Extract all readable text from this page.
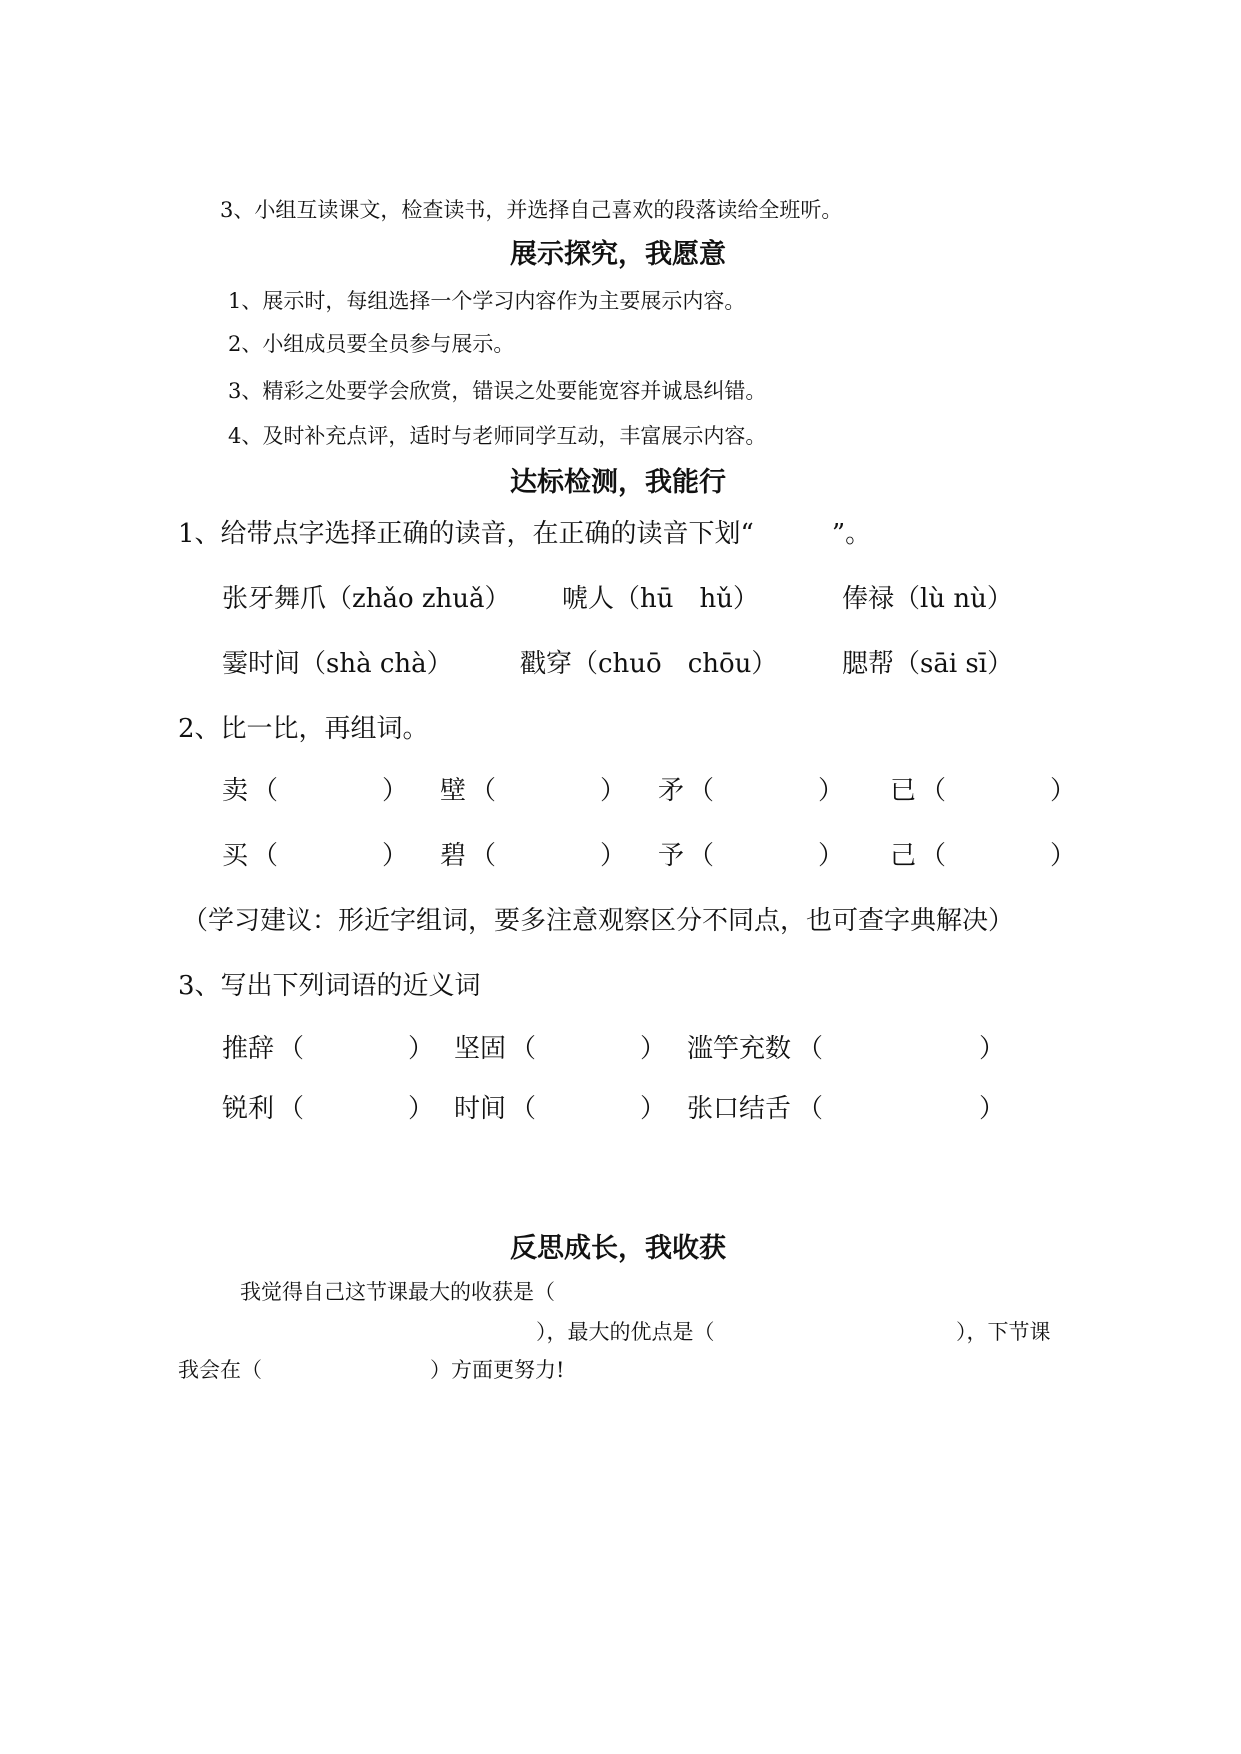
3、小组互读课文，检查读书，并选择自己喜欢的段落读给全班听。
展示探究，我愿意
1、展示时，每组选择一个学习内容作为主要展示内容。
2、小组成员要全员参与展示。
3、精彩之处要学会欣赏，错误之处要能宽容并诚恳纠错。
4、及时补充点评，适时与老师同学互动，丰富展示内容。
达标检测，我能行
1、给带点字选择正确的读音，在正确的读音下划“　　　”。
张牙舞爪（zhǎo zhuǎ） 唬人（hū　hǔ）	俸禄（lù nù）
霎时间（shà chà）	戳穿（chuō　chōu） 腮帮（sāi sī）
2、比一比，再组词。
卖 （　　　　） 壁 （　　　　） 矛 （　　　　） 已 （　　　　）
买 （　　　　） 碧 （　　　　） 予 （　　　　） 己 （　　　　）
（学习建议：形近字组词，要多注意观察区分不同点，也可查字典解决）
3、写出下列词语的近义词
推辞 （　　　　） 坚固 （　　　　） 滥竽充数 （　　　　　　）
锐利 （　　　　） 时间 （　　　　） 张口结舌 （　　　　　　）
反思成长，我收获
我觉得自己这节课最大的收获是（
），最大的优点是（	），下节课
我会在（　　　　　　　　）方面更努力!
